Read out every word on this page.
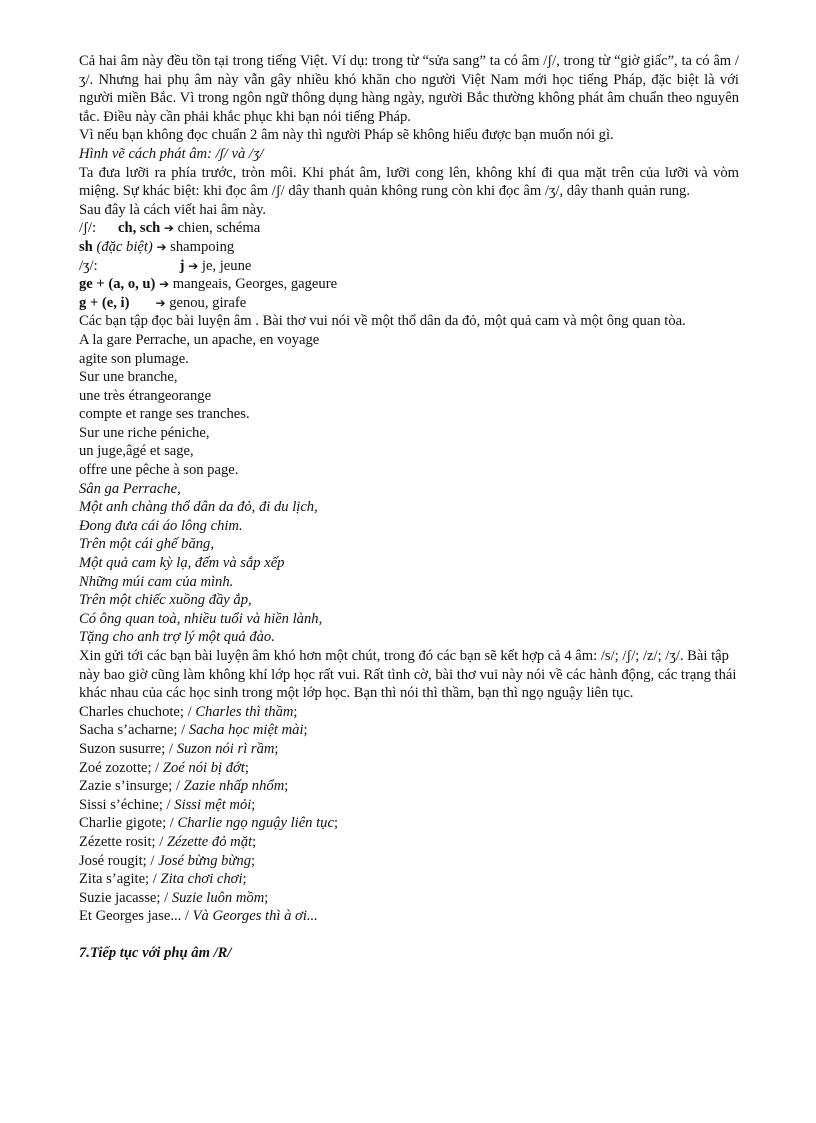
Cả hai âm này đều tồn tại trong tiếng Việt. Ví dụ: trong từ “sửa sang” ta có âm /ʃ/, trong từ “giờ giấc”, ta có âm /ʒ/. Nhưng hai phụ âm này vẫn gây nhiều khó khăn cho người Việt Nam mới học tiếng Pháp, đặc biệt là với người miền Bắc. Vì trong ngôn ngữ thông dụng hàng ngày, người Bắc thường không phát âm chuẩn theo nguyên tắc. Điều này cần phải khắc phục khi bạn nói tiếng Pháp.

Vì nếu bạn không đọc chuẩn 2 âm này thì người Pháp sẽ không hiểu được bạn muốn nói gì.

Hình vẽ cách phát âm: /ʃ/ và /ʒ/

Ta đưa lưỡi ra phía trước, tròn môi. Khi phát âm, lưỡi cong lên, không khí đi qua mặt trên của lưỡi và vòm miệng. Sự khác biệt: khi đọc âm /ʃ/ dây thanh quản không rung còn khi đọc âm /ʒ/, dây thanh quản rung.

Sau đây là cách viết hai âm này.

/ʃ/: ch, sch ➔ chien, schéma

sh (đặc biệt) ➔ shampoing

/ʒ/:	j ➔ je, jeune

ge + (a, o, u) ➔ mangeais, Georges, gageure

g + (e, i) ➔ genou, girafe

Các bạn tập đọc bài luyện âm . Bài thơ vui nói về một thổ dân da đỏ, một quả cam và một ông quan tòa.

A la gare Perrache, un apache, en voyage

agite son plumage.

Sur une branche,

une très étrangeorange

compte et range ses tranches.

Sur une riche péniche,

un juge,âgé et sage,

offre une pêche à son page.

Sân ga Perrache,

Một anh chàng thổ dân da đỏ, đi du lịch,

Đong đưa cái áo lông chim.

Trên một cái ghế băng,

Một quả cam kỳ lạ, đếm và sắp xếp

Những múi cam của mình.

Trên một chiếc xuồng đầy ắp,

Có ông quan toà, nhiều tuổi và hiền lành,

Tặng cho anh trợ lý một quả đào.

Xin gửi tới các bạn bài luyện âm khó hơn một chút, trong đó các bạn sẽ kết hợp cả 4 âm: /s/; /ʃ/; /z/; /ʒ/. Bài tập này bao giờ cũng làm không khí lớp học rất vui. Rất tình cờ, bài thơ vui này nói về các hành động, các trạng thái khác nhau của các học sinh trong một lớp học. Bạn thì nói thì thầm, bạn thì ngọ nguậy liên tục.

Charles chuchote; / Charles thì thầm;

Sacha s’acharne; / Sacha học miệt mài;

Suzon susurre; / Suzon nói rì rầm;

Zoé zozotte; / Zoé nói bị đớt;

Zazie s’insurge; / Zazie nhấp nhổm;

Sissi s’échine; / Sissi mệt mỏi;

Charlie gigote; / Charlie ngọ nguậy liên tục;

Zézette rosit; / Zézette đỏ mặt;

José rougit; / José bừng bừng;

Zita s’agite; / Zita chơi chơi;

Suzie jacasse; / Suzie luôn mồm;

Et Georges jase... / Và Georges thì à ơi...

7.Tiếp tục với phụ âm /R/
